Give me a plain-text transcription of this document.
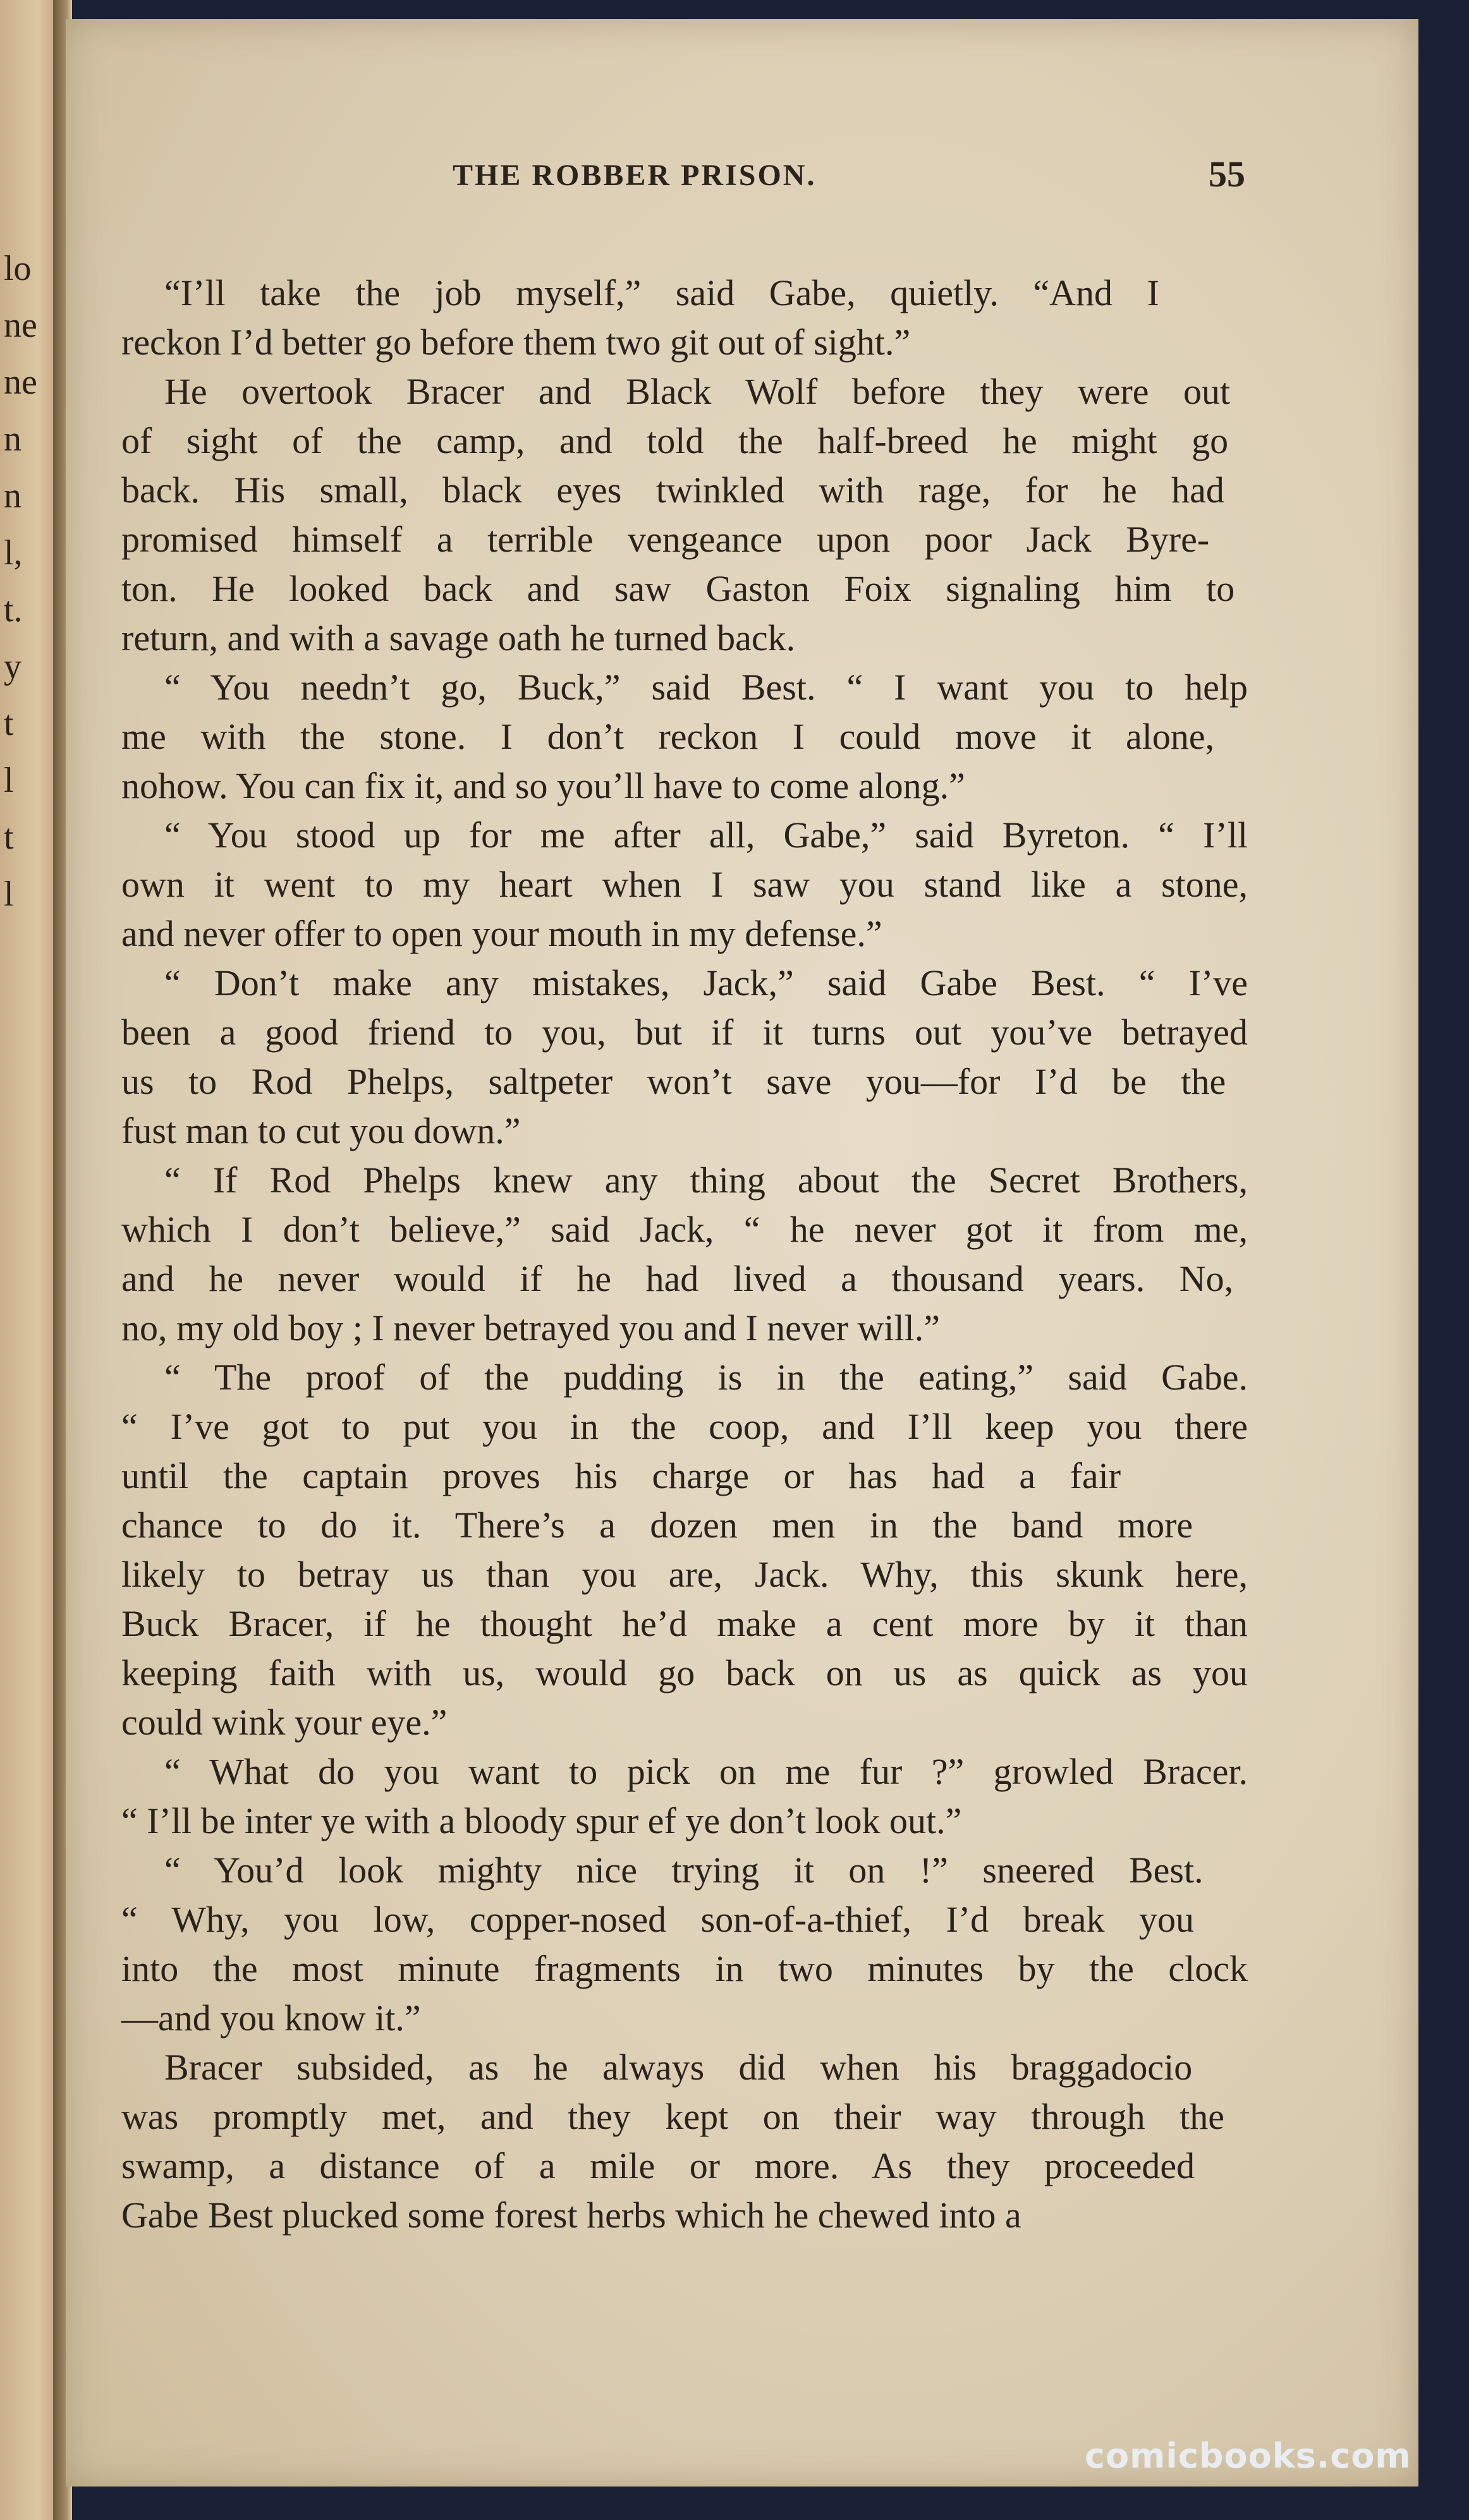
lo
ne
ne
n
n
l,
t.
y
t
l
t
l
THE ROBBER PRISON.	55
“I’ll take the job myself,” said Gabe, quietly. “And I
reckon I’d better go before them two git out of sight.”
He overtook Bracer and Black Wolf before they were out
of sight of the camp, and told the half-breed he might go
back. His small, black eyes twinkled with rage, for he had
promised himself a terrible vengeance upon poor Jack Byre-
ton. He looked back and saw Gaston Foix signaling him to
return, and with a savage oath he turned back.
“ You needn’t go, Buck,” said Best. “ I want you to help
me with the stone. I don’t reckon I could move it alone,
nohow. You can fix it, and so you’ll have to come along.”
“ You stood up for me after all, Gabe,” said Byreton. “ I’ll
own it went to my heart when I saw you stand like a stone,
and never offer to open your mouth in my defense.”
“ Don’t make any mistakes, Jack,” said Gabe Best. “ I’ve
been a good friend to you, but if it turns out you’ve betrayed
us to Rod Phelps, saltpeter won’t save you—for I’d be the
fust man to cut you down.”
“ If Rod Phelps knew any thing about the Secret Brothers,
which I don’t believe,” said Jack, “ he never got it from me,
and he never would if he had lived a thousand years. No,
no, my old boy ; I never betrayed you and I never will.”
“ The proof of the pudding is in the eating,” said Gabe.
“ I’ve got to put you in the coop, and I’ll keep you there
until the captain proves his charge or has had a fair
chance to do it. There’s a dozen men in the band more
likely to betray us than you are, Jack. Why, this skunk here,
Buck Bracer, if he thought he’d make a cent more by it than
keeping faith with us, would go back on us as quick as you
could wink your eye.”
“ What do you want to pick on me fur ?” growled Bracer.
“ I’ll be inter ye with a bloody spur ef ye don’t look out.”
“ You’d look mighty nice trying it on !” sneered Best.
“ Why, you low, copper-nosed son-of-a-thief, I’d break you
into the most minute fragments in two minutes by the clock
—and you know it.”
Bracer subsided, as he always did when his braggadocio
was promptly met, and they kept on their way through the
swamp, a distance of a mile or more. As they proceeded
Gabe Best plucked some forest herbs which he chewed into a
comicbooks.com
